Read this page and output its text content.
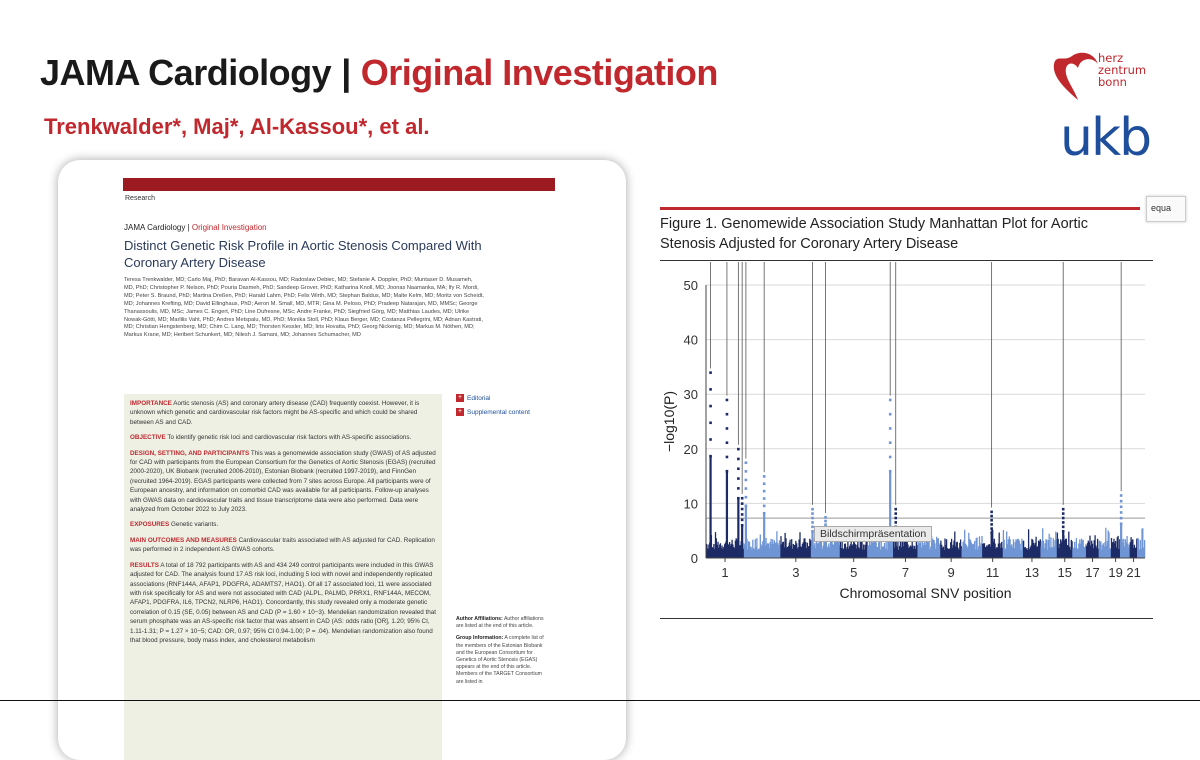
JAMA Cardiology | Original Investigation
Trenkwalder*, Maj*, Al-Kassou*, et al.
herz
zentrum
bonn
ukb
Research
JAMA Cardiology | Original Investigation
Distinct Genetic Risk Profile in Aortic Stenosis Compared With Coronary Artery Disease
Teresa Trenkwalder, MD; Carlo Maj, PhD; Baravan Al-Kassou, MD; Radoslaw Debiec, MD; Stefanie A. Doppler, PhD; Muntaser D. Musameh, MD, PhD; Christopher P. Nelson, PhD; Pouria Dasmeh, PhD; Sandeep Grover, PhD; Katharina Knoll, MD; Joonas Naamanka, MA; Ify R. Mordi, MD; Peter S. Braund, PhD; Martina Dreßen, PhD; Harald Lahm, PhD; Felix Wirth, MD; Stephan Baldus, MD; Malte Kelm, MD; Moritz von Scheidt, MD; Johannes Krefting, MD; David Ellinghaus, PhD; Aeron M. Small, MD, MTR; Gina M. Peloso, PhD; Pradeep Natarajan, MD, MMSc; George Thanassoulis, MD, MSc; James C. Engert, PhD; Line Dufresne, MSc; Andre Franke, PhD; Siegfried Görg, MD; Matthias Laudes, MD; Ulrike Nowak-Götti, MD; Marlilis Vaht, PhD; Andres Metspalu, MD, PhD; Monika Stoll, PhD; Klaus Berger, MD; Costanza Pellegrini, MD; Adnan Kastrati, MD; Christian Hengstenberg, MD; Chim C. Lang, MD; Thorsten Kessler, MD; Iiris Hovatta, PhD; Georg Nickenig, MD; Markus M. Nöthen, MD; Markus Krane, MD; Heribert Schunkert, MD; Nilesh J. Samani, MD; Johannes Schumacher, MD
+ Editorial
+ Supplemental content

IMPORTANCE Aortic stenosis (AS) and coronary artery disease (CAD) frequently coexist. However, it is unknown which genetic and cardiovascular risk factors might be AS-specific and which could be shared between AS and CAD.

OBJECTIVE To identify genetic risk loci and cardiovascular risk factors with AS-specific associations.

DESIGN, SETTING, AND PARTICIPANTS This was a genomewide association study (GWAS) of AS adjusted for CAD with participants from the European Consortium for the Genetics of Aortic Stenosis (EGAS) (recruited 2000-2020), UK Biobank (recruited 2006-2010), Estonian Biobank (recruited 1997-2019), and FinnGen (recruited 1964-2019). EGAS participants were collected from 7 sites across Europe. All participants were of European ancestry, and information on comorbid CAD was available for all participants. Follow-up analyses with GWAS data on cardiovascular traits and tissue transcriptome data were also performed. Data were analyzed from October 2022 to July 2023.

EXPOSURES Genetic variants.

MAIN OUTCOMES AND MEASURES Cardiovascular traits associated with AS adjusted for CAD. Replication was performed in 2 independent AS GWAS cohorts.

RESULTS A total of 18 792 participants with AS and 434 249 control participants were included in this GWAS adjusted for CAD. The analysis found 17 AS risk loci, including 5 loci with novel and independently replicated associations (RNF144A, AFAP1, PDGFRA, ADAMTS7, HAO1). Of all 17 associated loci, 11 were associated with risk specifically for AS and were not associated with CAD (ALPL, PALMD, PRRX1, RNF144A, MECOM, AFAP1, PDGFRA, IL6, TPCN2, NLRP6, HAO1). Concordantly, this study revealed only a moderate genetic correlation of 0.15 (SE, 0.05) between AS and CAD (P = 1.60 × 10−3). Mendelian randomization revealed that serum phosphate was an AS-specific risk factor that was absent in CAD (AS: odds ratio [OR], 1.20; 95% CI, 1.11-1.31; P = 1.27 × 10−5; CAD: OR, 0.97; 95% CI 0.94-1.00; P = .04). Mendelian randomization also found that blood pressure, body mass index, and cholesterol metabolism

Author Affiliations: Author affiliations are listed at the end of this article.

Group Information: A complete list of the members of the Estonian Biobank and the European Consortium for Genetics of Aortic Stenosis (EGAS) appears at the end of this article. Members of the TARGET Consortium are listed in

equa
Figure 1. Genomewide Association Study Manhattan Plot for Aortic Stenosis Adjusted for Coronary Artery Disease
0
10
20
30
40
50
1	3	5	7	9 11 13 15 17 19 21
Chromosomal SNV position
−log10(P)
Bildschirmpräsentation
